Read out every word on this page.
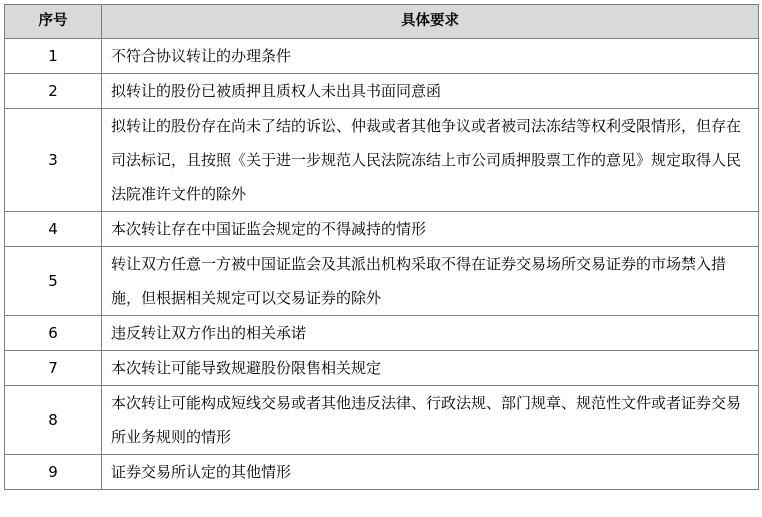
序号	具体要求
1	不符合协议转让的办理条件
2	拟转让的股份已被质押且质权人未出具书面同意函
3	拟转让的股份存在尚未了结的诉讼、仲裁或者其他争议或者被司法冻结等权利受限情形，但存在司法标记，且按照《关于进一步规范人民法院冻结上市公司质押股票工作的意见》规定取得人民法院准许文件的除外
4	本次转让存在中国证监会规定的不得减持的情形
5	转让双方任意一方被中国证监会及其派出机构采取不得在证券交易场所交易证券的市场禁入措施，但根据相关规定可以交易证券的除外
6	违反转让双方作出的相关承诺
7	本次转让可能导致规避股份限售相关规定
8	本次转让可能构成短线交易或者其他违反法律、行政法规、部门规章、规范性文件或者证券交易所业务规则的情形
9	证券交易所认定的其他情形
